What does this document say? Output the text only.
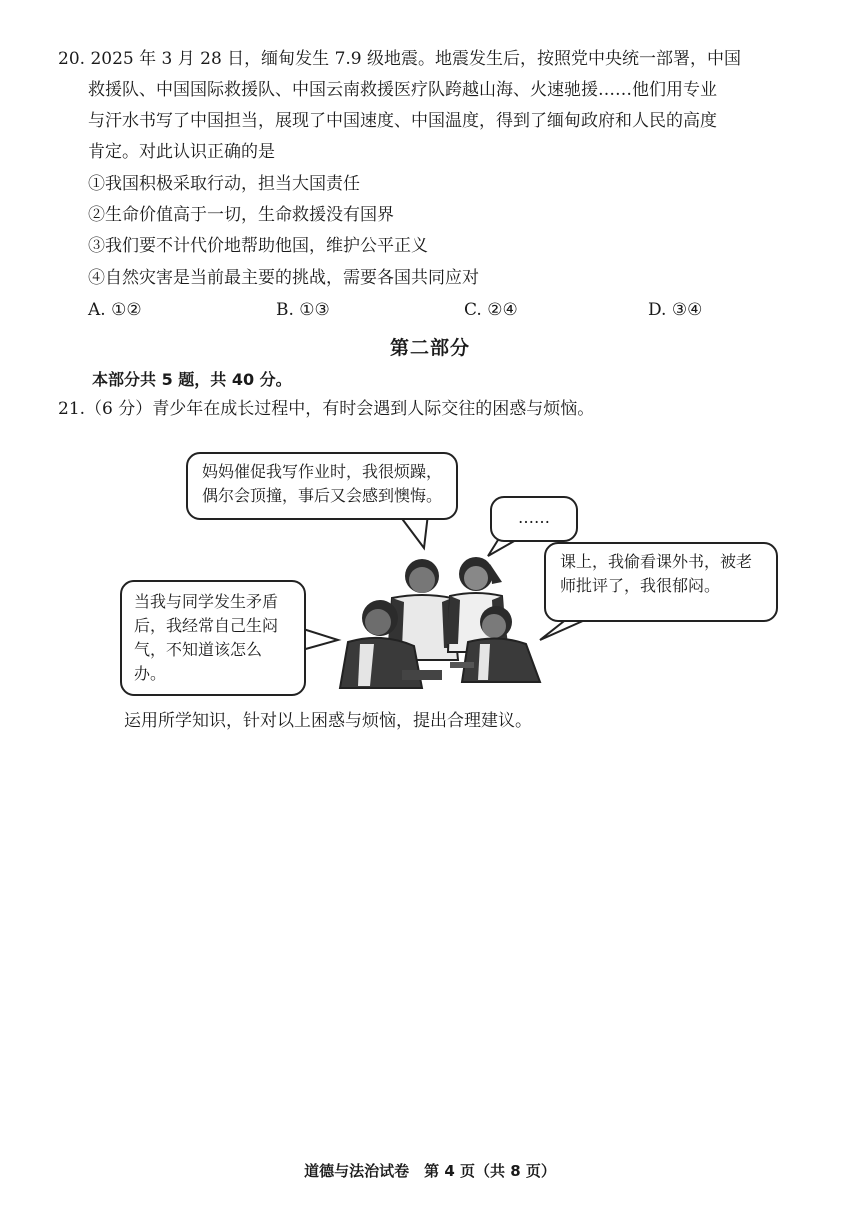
20. 2025 年 3 月 28 日，缅甸发生 7.9 级地震。地震发生后，按照党中央统一部署，中国
救援队、中国国际救援队、中国云南救援医疗队跨越山海、火速驰援……他们用专业
与汗水书写了中国担当，展现了中国速度、中国温度，得到了缅甸政府和人民的高度
肯定。对此认识正确的是
①我国积极采取行动，担当大国责任
②生命价值高于一切，生命救援没有国界
③我们要不计代价地帮助他国，维护公平正义
④自然灾害是当前最主要的挑战，需要各国共同应对
A. ①②	B. ①③	C. ②④	D. ③④
第二部分
本部分共 5 题，共 40 分。
21.（6 分）青少年在成长过程中，有时会遇到人际交往的困惑与烦恼。
妈妈催促我写作业时，我很烦躁，偶尔会顶撞，事后又会感到懊悔。
……
课上，我偷看课外书，被老师批评了，我很郁闷。
当我与同学发生矛盾后，我经常自己生闷气，不知道该怎么办。
运用所学知识，针对以上困惑与烦恼，提出合理建议。
道德与法治试卷　第 4 页（共 8 页）
